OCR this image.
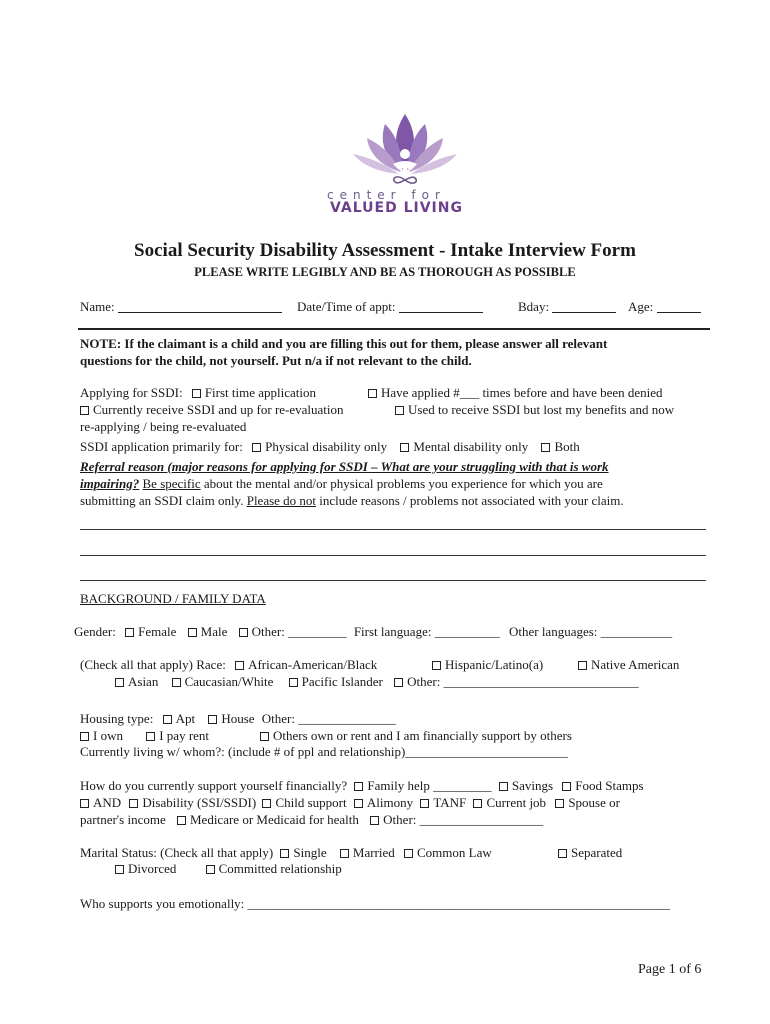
center for
VALUED LIVING
Social Security Disability Assessment - Intake Interview Form
PLEASE WRITE LEGIBLY AND BE AS THOROUGH AS POSSIBLE
Name:	Date/Time of appt:	Bday:	Age:
NOTE: If the claimant is a child and you are filling this out for them, please answer all relevant
questions for the child, not yourself. Put n/a if not relevant to the child.
Applying for SSDI: First time application	Have applied #___ times before and have been denied
Currently receive SSDI and up for re-evaluation	Used to receive SSDI but lost my benefits and now
re-applying / being re-evaluated
SSDI application primarily for: Physical disability only Mental disability only Both
Referral reason (major reasons for applying for SSDI – What are your struggling with that is work
impairing? Be specific about the mental and/or physical problems you experience for which you are
submitting an SSDI claim only. Please do not include reasons / problems not associated with your claim.
BACKGROUND / FAMILY DATA
Gender: Female Male Other: _________ First language: __________ Other languages: ___________
(Check all that apply) Race: African-American/Black	Hispanic/Latino(a)	Native American
Asian Caucasian/White Pacific Islander Other: ______________________________
Housing type: Apt House Other: _______________
I own	I pay rent	Others own or rent and I am financially support by others
Currently living w/ whom?: (include # of ppl and relationship)_________________________
How do you currently support yourself financially? Family help _________ Savings Food Stamps
AND Disability (SSI/SSDI) Child support Alimony TANF Current job Spouse or
partner's income Medicare or Medicaid for health Other: ___________________
Marital Status: (Check all that apply) Single Married Common Law	Separated
Divorced	Committed relationship
Who supports you emotionally: _________________________________________________________________
Page 1 of 6
